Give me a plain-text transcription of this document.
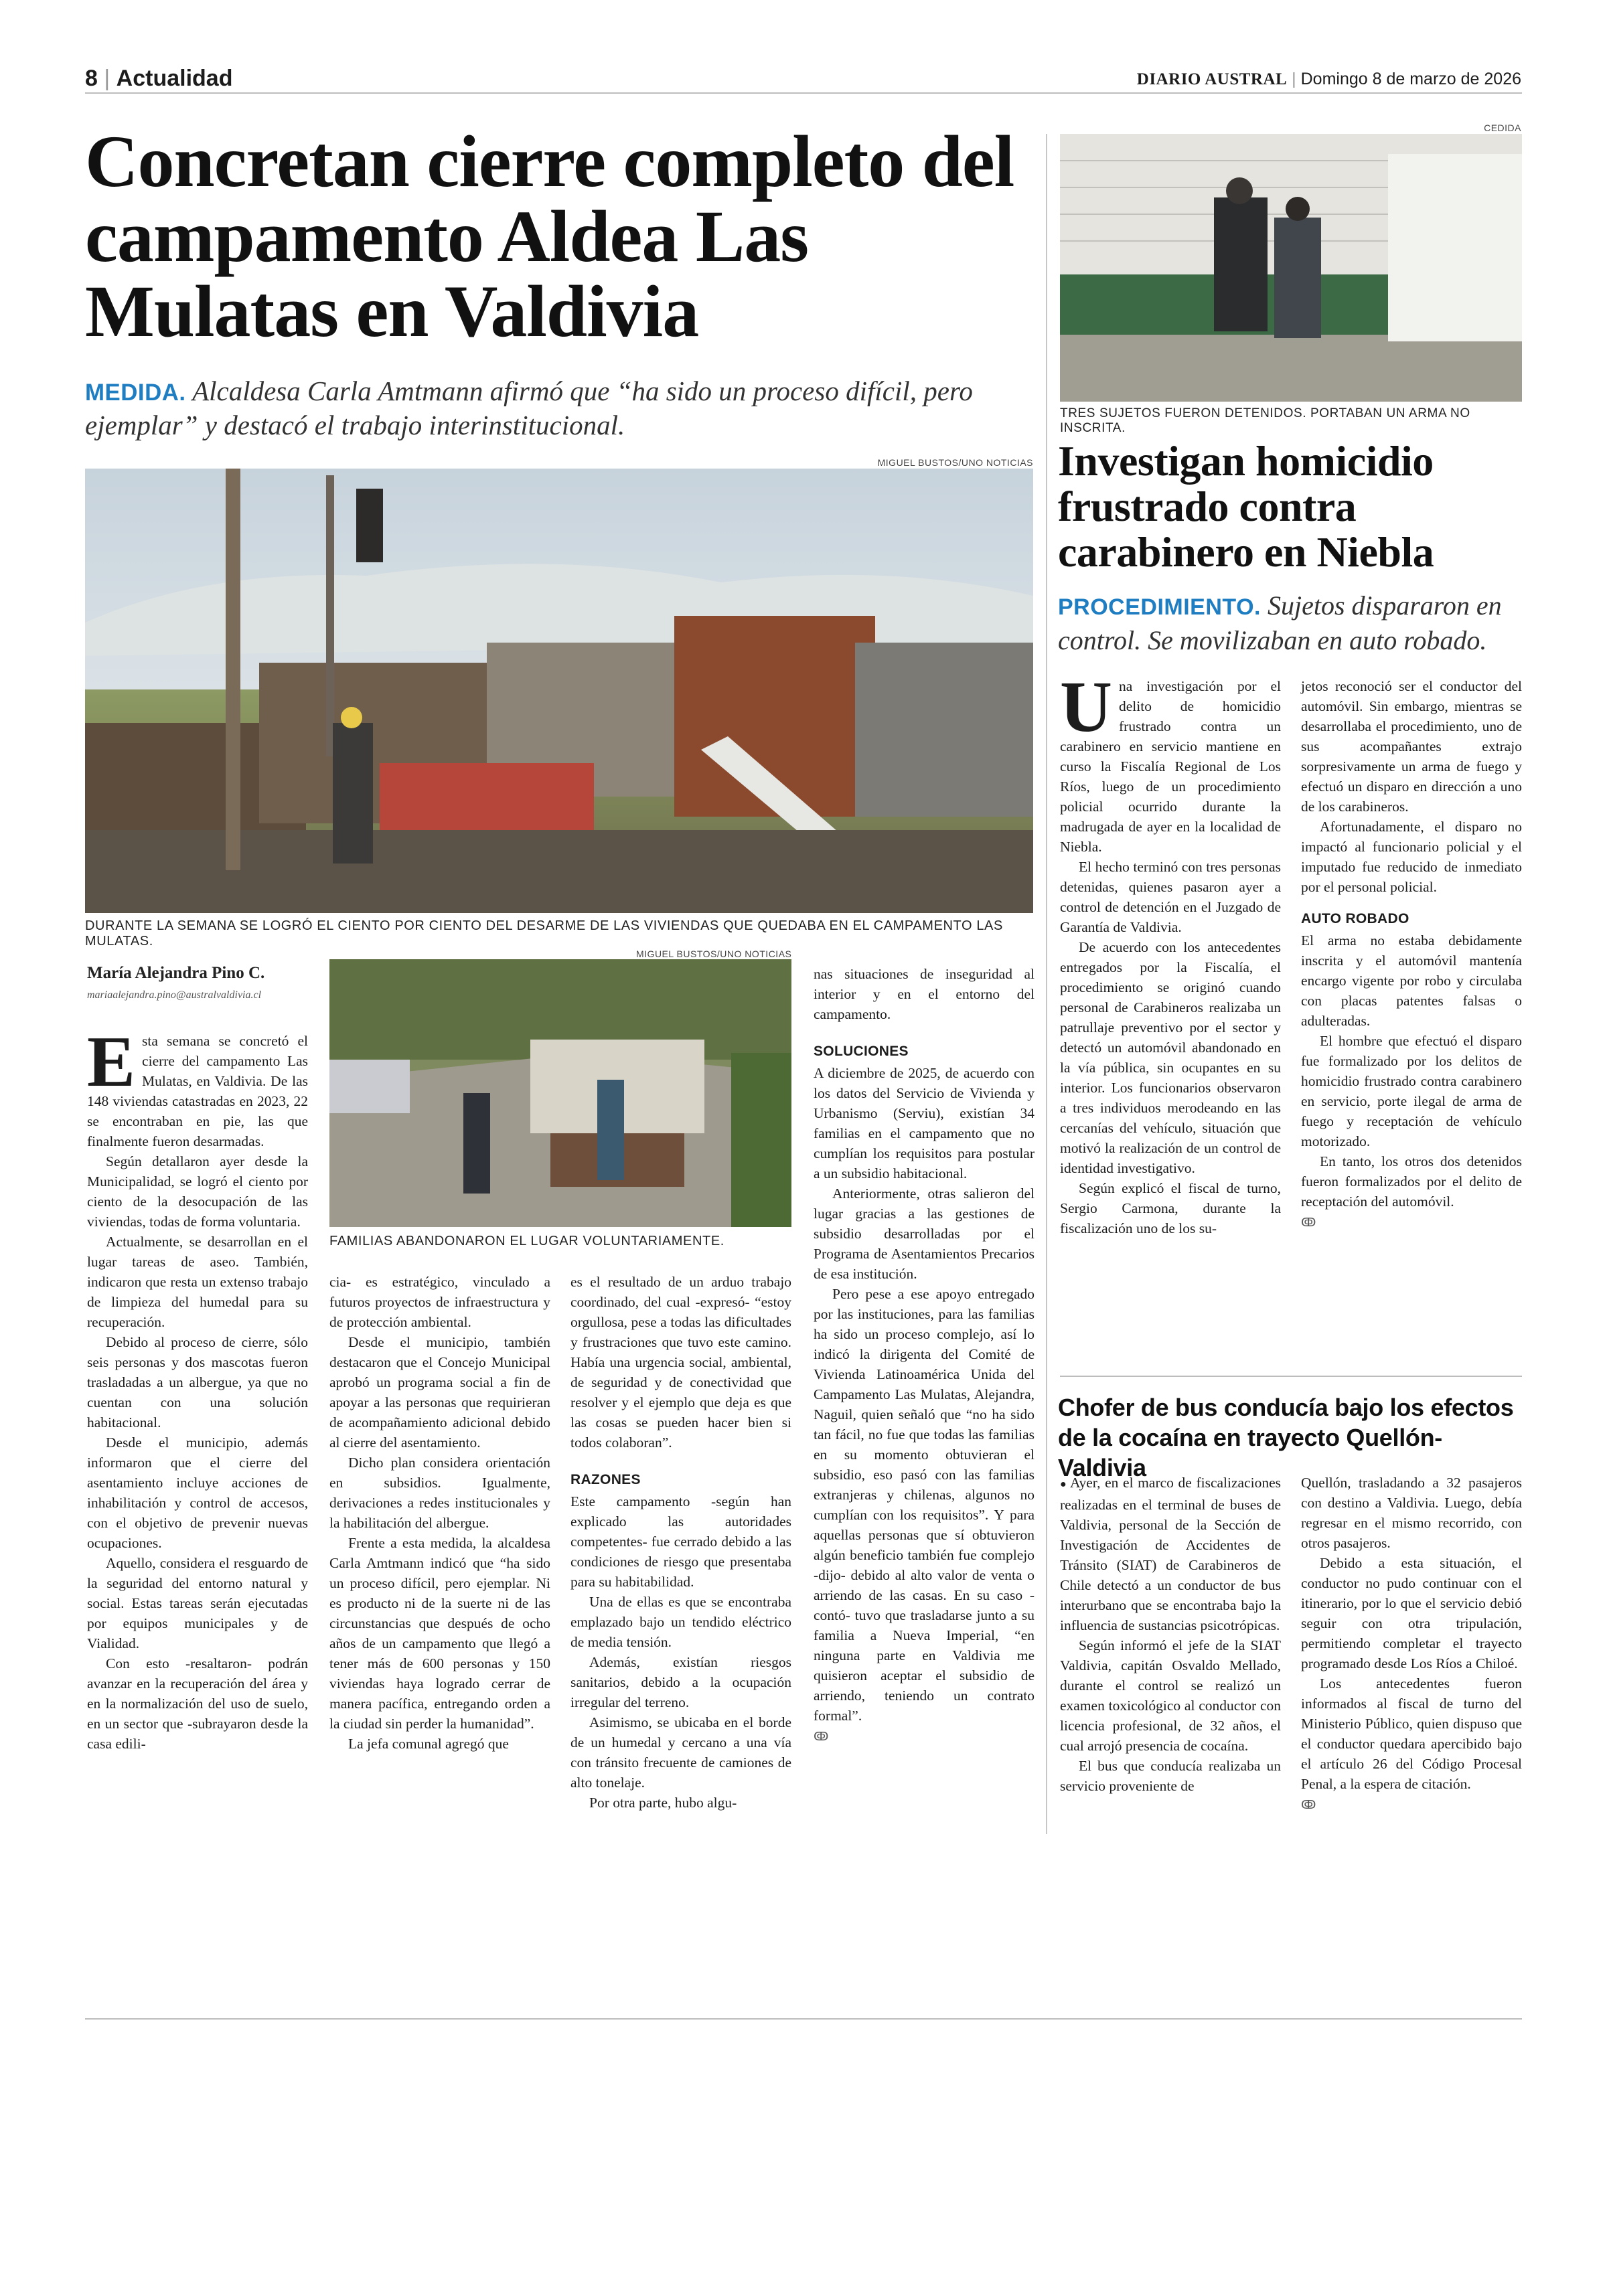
8 | Actualidad	DIARIO AUSTRAL | Domingo 8 de marzo de 2026
Concretan cierre completo del campamento Aldea Las Mulatas en Valdivia
MEDIDA. Alcaldesa Carla Amtmann afirmó que “ha sido un proceso difícil, pero ejemplar” y destacó el trabajo interinstitucional.
MIGUEL BUSTOS/UNO NOTICIAS
DURANTE LA SEMANA SE LOGRÓ EL CIENTO POR CIENTO DEL DESARME DE LAS VIVIENDAS QUE QUEDABA EN EL CAMPAMENTO LAS MULATAS.
María Alejandra Pino C.
mariaalejandra.pino@australvaldivia.cl
MIGUEL BUSTOS/UNO NOTICIAS
FAMILIAS ABANDONARON EL LUGAR VOLUNTARIAMENTE.
E sta semana se concretó el cierre del campamento Las Mulatas, en Valdivia. De las 148 viviendas catastradas en 2023, 22 se encontraban en pie, las que finalmente fueron desarmadas.

Según detallaron ayer desde la Municipalidad, se logró el ciento por ciento de la desocupación de las viviendas, todas de forma voluntaria.

Actualmente, se desarrollan en el lugar tareas de aseo. También, indicaron que resta un extenso trabajo de limpieza del humedal para su recuperación.

Debido al proceso de cierre, sólo seis personas y dos mascotas fueron trasladadas a un albergue, ya que no cuentan con una solución habitacional.

Desde el municipio, además informaron que el cierre del asentamiento incluye acciones de inhabilitación y control de accesos, con el objetivo de prevenir nuevas ocupaciones.

Aquello, considera el resguardo de la seguridad del entorno natural y social. Estas tareas serán ejecutadas por equipos municipales y de Vialidad.

Con esto -resaltaron- podrán avanzar en la recuperación del área y en la normalización del uso de suelo, en un sector que -subrayaron desde la casa edili-

cia- es estratégico, vinculado a futuros proyectos de infraestructura y de protección ambiental.

Desde el municipio, también destacaron que el Concejo Municipal aprobó un programa social a fin de apoyar a las personas que requirieran de acompañamiento adicional debido al cierre del asentamiento.

Dicho plan considera orientación en subsidios. Igualmente, derivaciones a redes institucionales y la habilitación del albergue.

Frente a esta medida, la alcaldesa Carla Amtmann indicó que “ha sido un proceso difícil, pero ejemplar. Ni es producto ni de la suerte ni de las circunstancias que después de ocho años de un campamento que llegó a tener más de 600 personas y 150 viviendas haya logrado cerrar de manera pacífica, entregando orden a la ciudad sin perder la humanidad”.

La jefa comunal agregó que

es el resultado de un arduo trabajo coordinado, del cual -expresó- “estoy orgullosa, pese a todas las dificultades y frustraciones que tuvo este camino. Había una urgencia social, ambiental, de seguridad y de conectividad que resolver y el ejemplo que deja es que las cosas se pueden hacer bien si todos colaboran”.

RAZONES

Este campamento -según han explicado las autoridades competentes- fue cerrado debido a las condiciones de riesgo que presentaba para su habitabilidad.

Una de ellas es que se encontraba emplazado bajo un tendido eléctrico de media tensión.

Además, existían riesgos sanitarios, debido a la ocupación irregular del terreno.

Asimismo, se ubicaba en el borde de un humedal y cercano a una vía con tránsito frecuente de camiones de alto tonelaje.

Por otra parte, hubo algu-

nas situaciones de inseguridad al interior y en el entorno del campamento.

SOLUCIONES

A diciembre de 2025, de acuerdo con los datos del Servicio de Vivienda y Urbanismo (Serviu), existían 34 familias en el campamento que no cumplían los requisitos para postular a un subsidio habitacional.

Anteriormente, otras salieron del lugar gracias a las gestiones de subsidio desarrolladas por el Programa de Asentamientos Precarios de esa institución.

Pero pese a ese apoyo entregado por las instituciones, para las familias ha sido un proceso complejo, así lo indicó la dirigenta del Comité de Vivienda Latinoamérica Unida del Campamento Las Mulatas, Alejandra, Naguil, quien señaló que “no ha sido tan fácil, no fue que todas las familias en su momento obtuvieran el subsidio, eso pasó con las familias extranjeras y chilenas, algunos no cumplían con los requisitos”. Y para aquellas personas que sí obtuvieron algún beneficio también fue complejo -dijo- debido al alto valor de venta o arriendo de las casas. En su caso -contó- tuvo que trasladarse junto a su familia a Nueva Imperial, “en ninguna parte en Valdivia me quisieron aceptar el subsidio de arriendo, teniendo un contrato formal”.

ↂ
CEDIDA
TRES SUJETOS FUERON DETENIDOS. PORTABAN UN ARMA NO INSCRITA.
Investigan homicidio frustrado contra carabinero en Niebla
PROCEDIMIENTO. Sujetos dispararon en control. Se movilizaban en auto robado.
U na investigación por el delito de homicidio frustrado contra un carabinero en servicio mantiene en curso la Fiscalía Regional de Los Ríos, luego de un procedimiento policial ocurrido durante la madrugada de ayer en la localidad de Niebla.

El hecho terminó con tres personas detenidas, quienes pasaron ayer a control de detención en el Juzgado de Garantía de Valdivia.

De acuerdo con los antecedentes entregados por la Fiscalía, el procedimiento se originó cuando personal de Carabineros realizaba un patrullaje preventivo por el sector y detectó un automóvil abandonado en la vía pública, sin ocupantes en su interior. Los funcionarios observaron a tres individuos merodeando en las cercanías del vehículo, situación que motivó la realización de un control de identidad investigativo.

Según explicó el fiscal de turno, Sergio Carmona, durante la fiscalización uno de los su-

jetos reconoció ser el conductor del automóvil. Sin embargo, mientras se desarrollaba el procedimiento, uno de sus acompañantes extrajo sorpresivamente un arma de fuego y efectuó un disparo en dirección a uno de los carabineros.

Afortunadamente, el disparo no impactó al funcionario policial y el imputado fue reducido de inmediato por el personal policial.

AUTO ROBADO

El arma no estaba debidamente inscrita y el automóvil mantenía encargo vigente por robo y circulaba con placas patentes falsas o adulteradas.

El hombre que efectuó el disparo fue formalizado por los delitos de homicidio frustrado contra carabinero en servicio, porte ilegal de arma de fuego y receptación de vehículo motorizado.

En tanto, los otros dos detenidos fueron formalizados por el delito de receptación del automóvil.

ↂ
Chofer de bus conducía bajo los efectos de la cocaína en trayecto Quellón-Valdivia

● Ayer, en el marco de fiscalizaciones realizadas en el terminal de buses de Valdivia, personal de la Sección de Investigación de Accidentes de Tránsito (SIAT) de Carabineros de Chile detectó a un conductor de bus interurbano que se encontraba bajo la influencia de sustancias psicotrópicas.

Según informó el jefe de la SIAT Valdivia, capitán Osvaldo Mellado, durante el control se realizó un examen toxicológico al conductor con licencia profesional, de 32 años, el cual arrojó presencia de cocaína.

El bus que conducía realizaba un servicio proveniente de

Quellón, trasladando a 32 pasajeros con destino a Valdivia. Luego, debía regresar en el mismo recorrido, con otros pasajeros.

Debido a esta situación, el conductor no pudo continuar con el itinerario, por lo que el servicio debió seguir con otra tripulación, permitiendo completar el trayecto programado desde Los Ríos a Chiloé.

Los antecedentes fueron informados al fiscal de turno del Ministerio Público, quien dispuso que el conductor quedara apercibido bajo el artículo 26 del Código Procesal Penal, a la espera de citación.

ↂ
